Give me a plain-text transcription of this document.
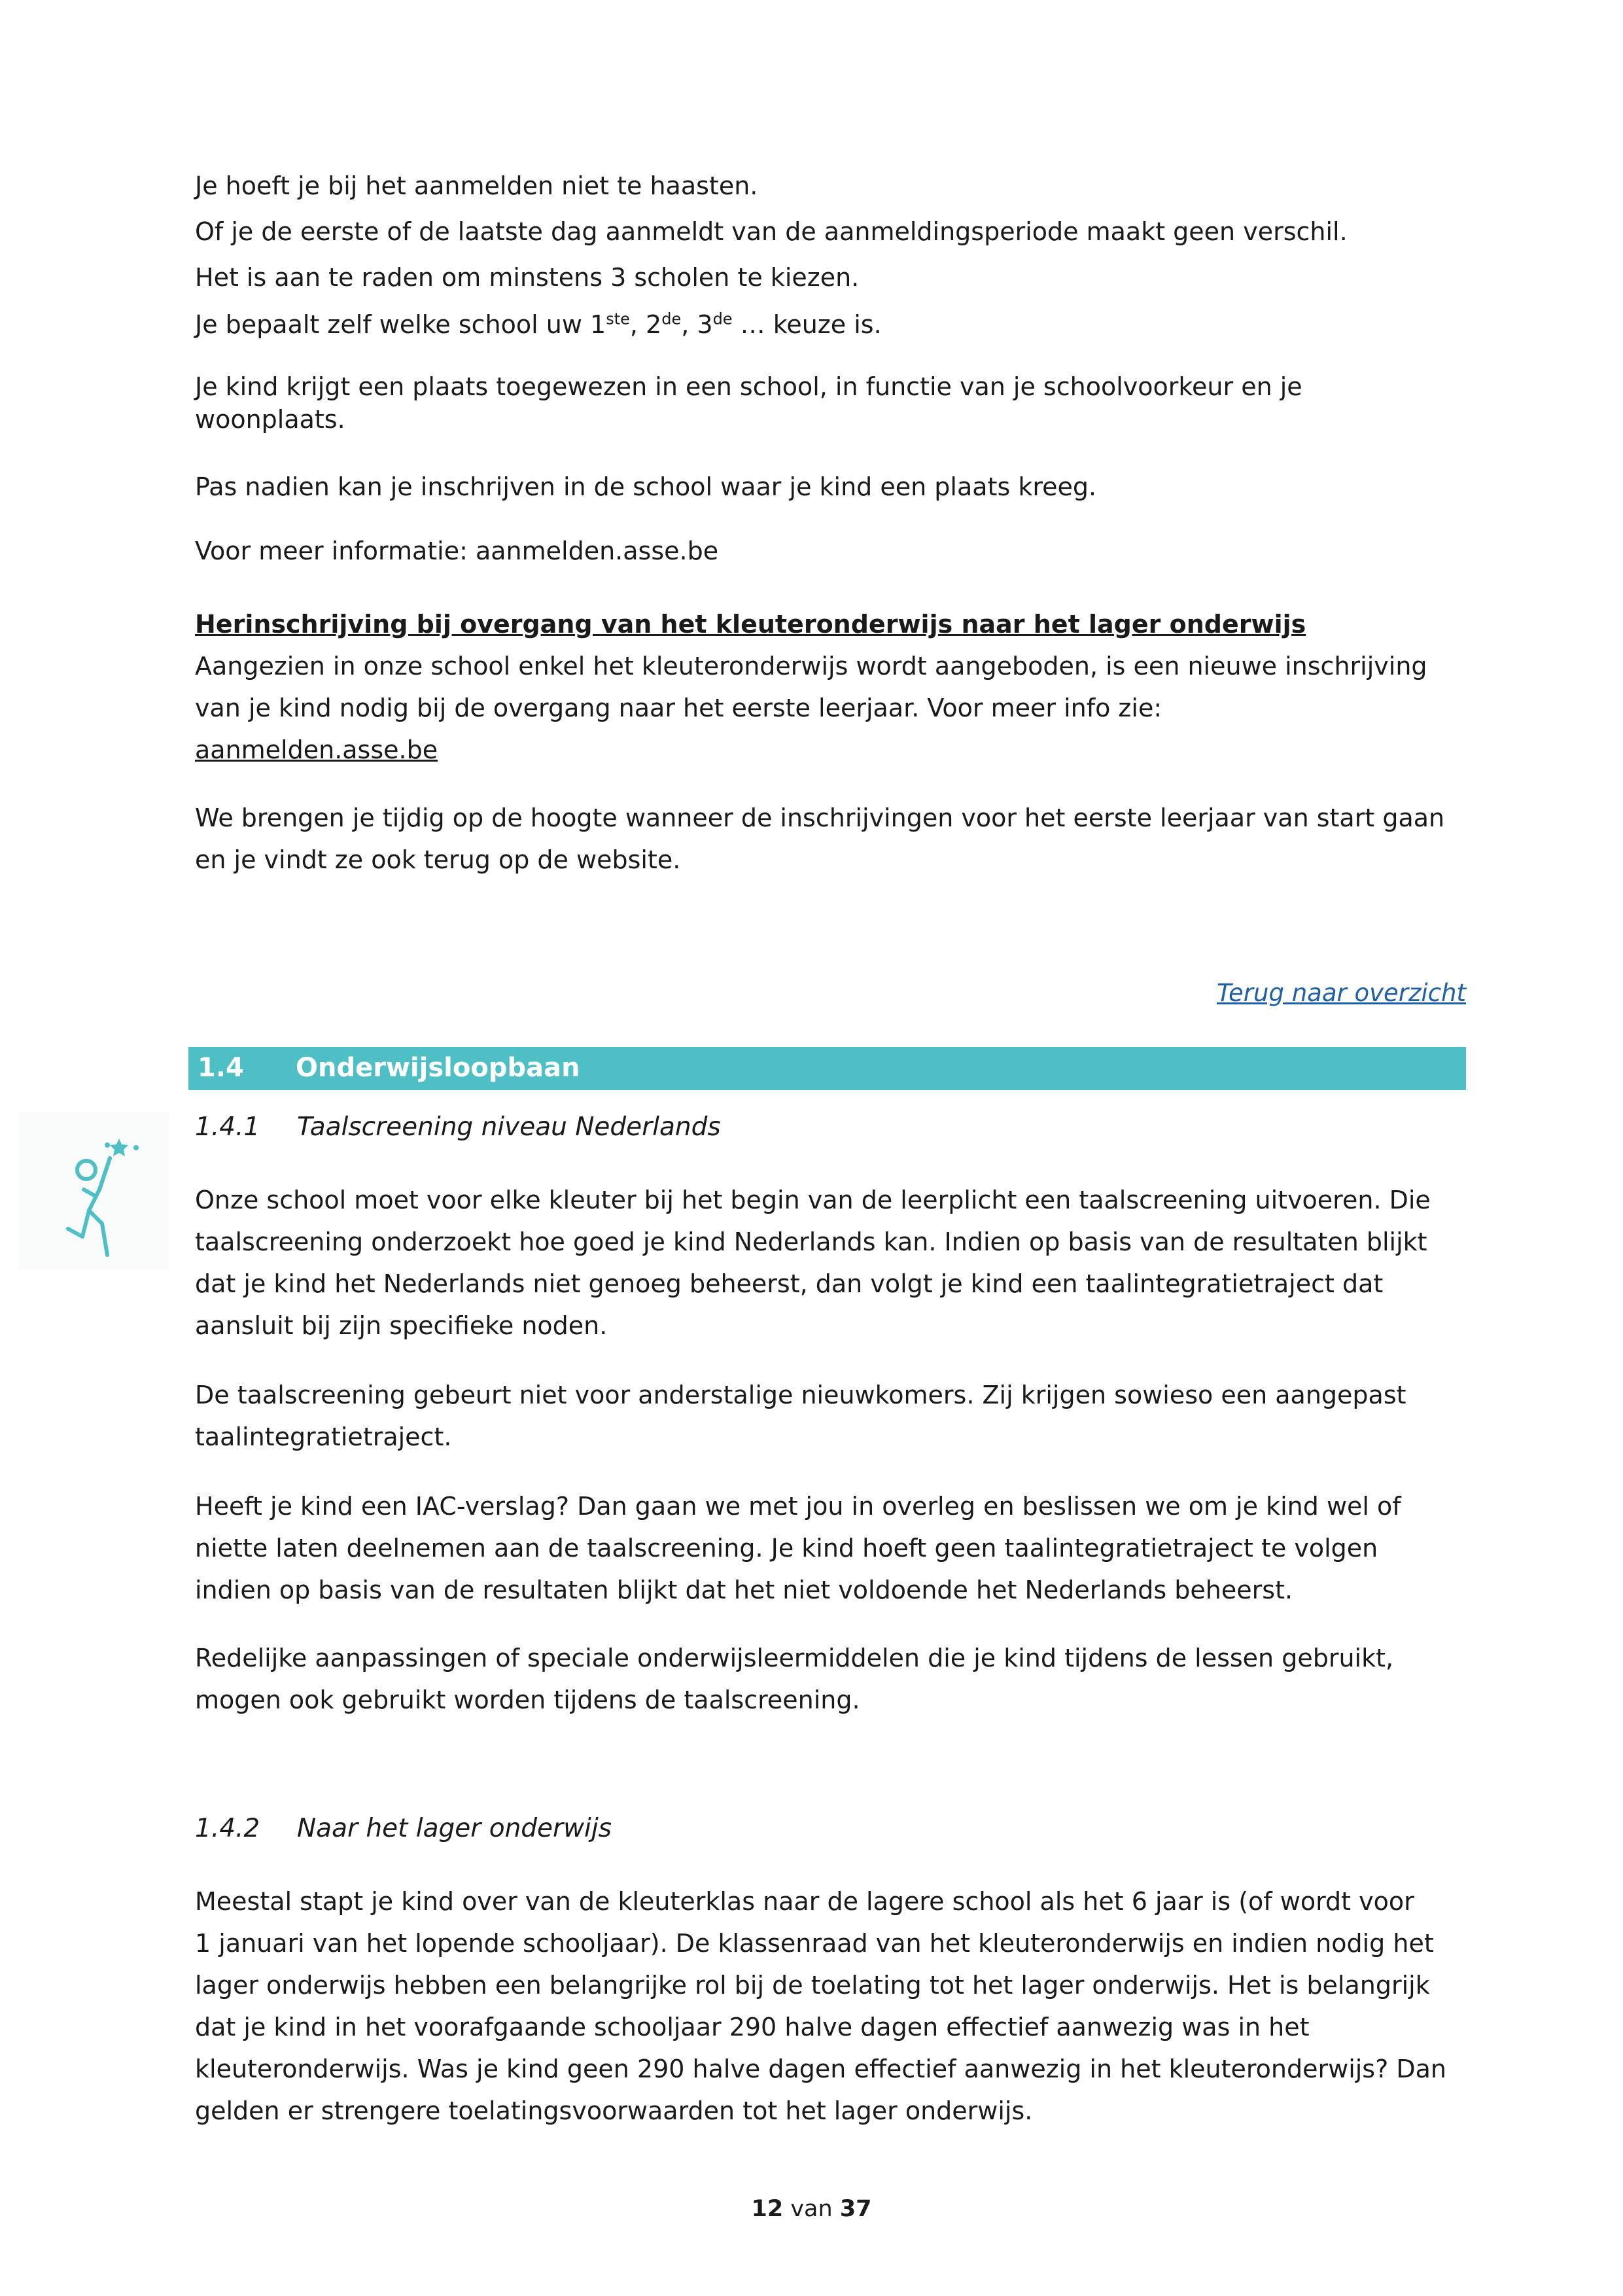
Je hoeft je bij het aanmelden niet te haasten.

Of je de eerste of de laatste dag aanmeldt van de aanmeldingsperiode maakt geen verschil.

Het is aan te raden om minstens 3 scholen te kiezen.

Je bepaalt zelf welke school uw 1ste, 2de, 3de … keuze is.

Je kind krijgt een plaats toegewezen in een school, in functie van je schoolvoorkeur en je
woonplaats.

Pas nadien kan je inschrijven in de school waar je kind een plaats kreeg.

Voor meer informatie: aanmelden.asse.be

Herinschrijving bij overgang van het kleuteronderwijs naar het lager onderwijs
Aangezien in onze school enkel het kleuteronderwijs wordt aangeboden, is een nieuwe inschrijving
van je kind nodig bij de overgang naar het eerste leerjaar. Voor meer info zie:
aanmelden.asse.be

We brengen je tijdig op de hoogte wanneer de inschrijvingen voor het eerste leerjaar van start gaan
en je vindt ze ook terug op de website.

Terug naar overzicht
1.4 Onderwijsloopbaan
1.4.1 Taalscreening niveau Nederlands

Onze school moet voor elke kleuter bij het begin van de leerplicht een taalscreening uitvoeren. Die
taalscreening onderzoekt hoe goed je kind Nederlands kan. Indien op basis van de resultaten blijkt
dat je kind het Nederlands niet genoeg beheerst, dan volgt je kind een taalintegratietraject dat
aansluit bij zijn specifieke noden.

De taalscreening gebeurt niet voor anderstalige nieuwkomers. Zij krijgen sowieso een aangepast
taalintegratietraject.

Heeft je kind een IAC-verslag? Dan gaan we met jou in overleg en beslissen we om je kind wel of
niette laten deelnemen aan de taalscreening. Je kind hoeft geen taalintegratietraject te volgen
indien op basis van de resultaten blijkt dat het niet voldoende het Nederlands beheerst.

Redelijke aanpassingen of speciale onderwijsleermiddelen die je kind tijdens de lessen gebruikt,
mogen ook gebruikt worden tijdens de taalscreening.

1.4.2 Naar het lager onderwijs

Meestal stapt je kind over van de kleuterklas naar de lagere school als het 6 jaar is (of wordt voor
1 januari van het lopende schooljaar). De klassenraad van het kleuteronderwijs en indien nodig het
lager onderwijs hebben een belangrijke rol bij de toelating tot het lager onderwijs. Het is belangrijk
dat je kind in het voorafgaande schooljaar 290 halve dagen effectief aanwezig was in het
kleuteronderwijs. Was je kind geen 290 halve dagen effectief aanwezig in het kleuteronderwijs? Dan
gelden er strengere toelatingsvoorwaarden tot het lager onderwijs.

12 van 37
